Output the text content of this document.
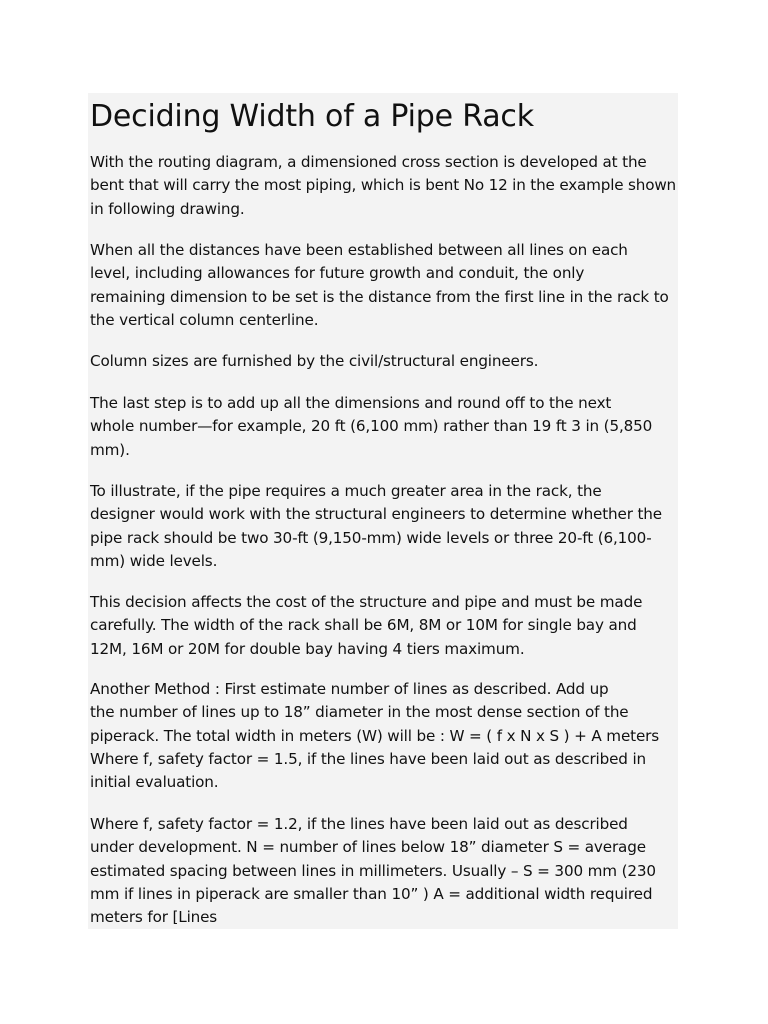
Deciding Width of a Pipe Rack

With the routing diagram, a dimensioned cross section is developed at the
bent that will carry the most piping, which is bent No 12 in the example shown
in following drawing.

When all the distances have been established between all lines on each
level, including allowances for future growth and conduit, the only
remaining dimension to be set is the distance from the first line in the rack to
the vertical column centerline.

Column sizes are furnished by the civil/structural engineers.

The last step is to add up all the dimensions and round off to the next
whole number—for example, 20 ft (6,100 mm) rather than 19 ft 3 in (5,850
mm).

To illustrate, if the pipe requires a much greater area in the rack, the
designer would work with the structural engineers to determine whether the
pipe rack should be two 30-ft (9,150-mm) wide levels or three 20-ft (6,100-
mm) wide levels.

This decision affects the cost of the structure and pipe and must be made
carefully. The width of the rack shall be 6M, 8M or 10M for single bay and
12M, 16M or 20M for double bay having 4 tiers maximum.

Another Method : First estimate number of lines as described. Add up
the number of lines up to 18” diameter in the most dense section of the
piperack. The total width in meters (W) will be : W = ( f x N x S ) + A meters
Where f, safety factor = 1.5, if the lines have been laid out as described in
initial evaluation.

Where f, safety factor = 1.2, if the lines have been laid out as described
under development. N = number of lines below 18” diameter S = average
estimated spacing between lines in millimeters. Usually – S = 300 mm (230
mm if lines in piperack are smaller than 10” ) A = additional width required
meters for [Lines
